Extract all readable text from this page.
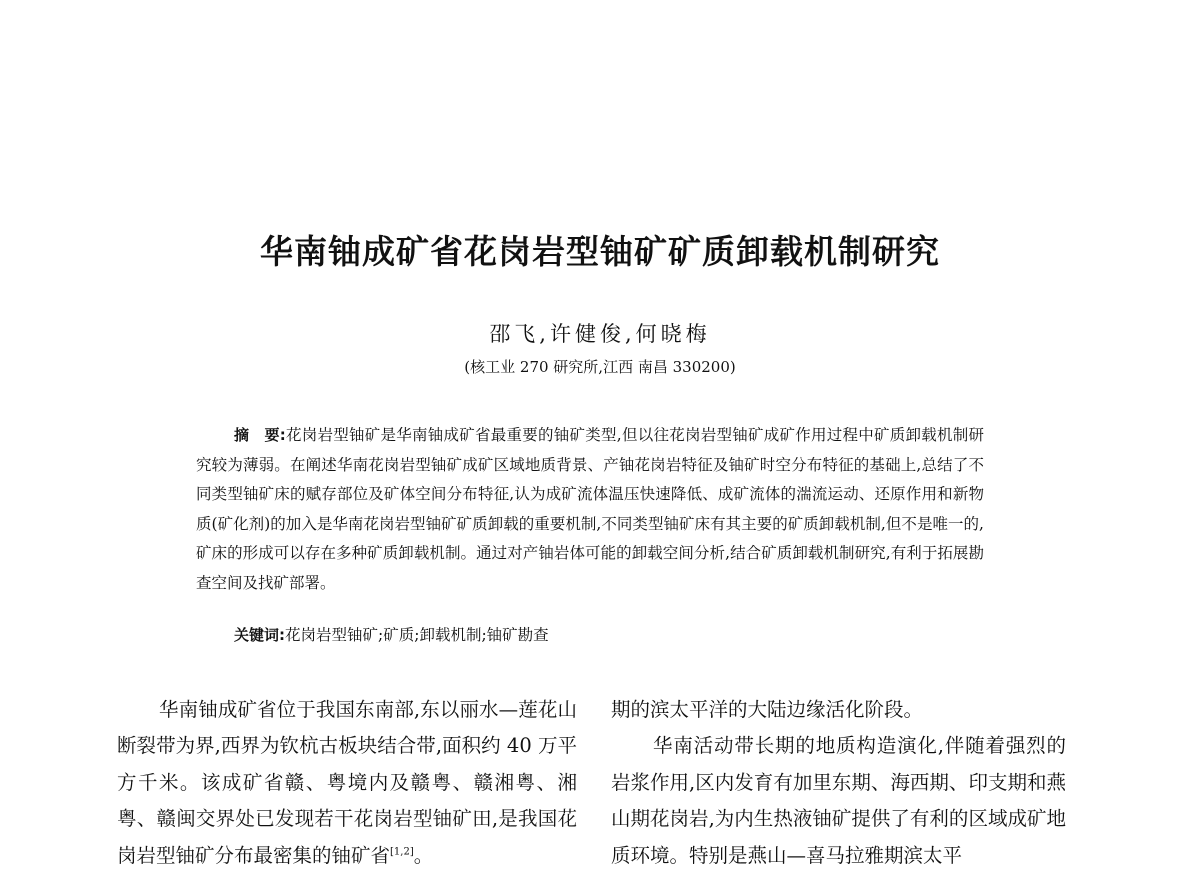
华南铀成矿省花岗岩型铀矿矿质卸载机制研究
邵飞,许健俊,何晓梅
(核工业 270 研究所,江西 南昌 330200)

摘　要:花岗岩型铀矿是华南铀成矿省最重要的铀矿类型,但以往花岗岩型铀矿成矿作用过程中矿质卸载机制研究较为薄弱。在阐述华南花岗岩型铀矿成矿区域地质背景、产铀花岗岩特征及铀矿时空分布特征的基础上,总结了不同类型铀矿床的赋存部位及矿体空间分布特征,认为成矿流体温压快速降低、成矿流体的湍流运动、还原作用和新物质(矿化剂)的加入是华南花岗岩型铀矿矿质卸载的重要机制,不同类型铀矿床有其主要的矿质卸载机制,但不是唯一的,矿床的形成可以存在多种矿质卸载机制。通过对产铀岩体可能的卸载空间分析,结合矿质卸载机制研究,有利于拓展勘查空间及找矿部署。

关键词:花岗岩型铀矿;矿质;卸载机制;铀矿勘查

华南铀成矿省位于我国东南部,东以丽水—莲花山断裂带为界,西界为钦杭古板块结合带,面积约 40 万平方千米。该成矿省赣、粤境内及赣粤、赣湘粤、湘粤、赣闽交界处已发现若干花岗岩型铀矿田,是我国花岗岩型铀矿分布最密集的铀矿省[1,2]。

期的滨太平洋的大陆边缘活化阶段。

华南活动带长期的地质构造演化,伴随着强烈的岩浆作用,区内发育有加里东期、海西期、印支期和燕山期花岗岩,为内生热液铀矿提供了有利的区域成矿地质环境。特别是燕山—喜马拉雅期滨太平
